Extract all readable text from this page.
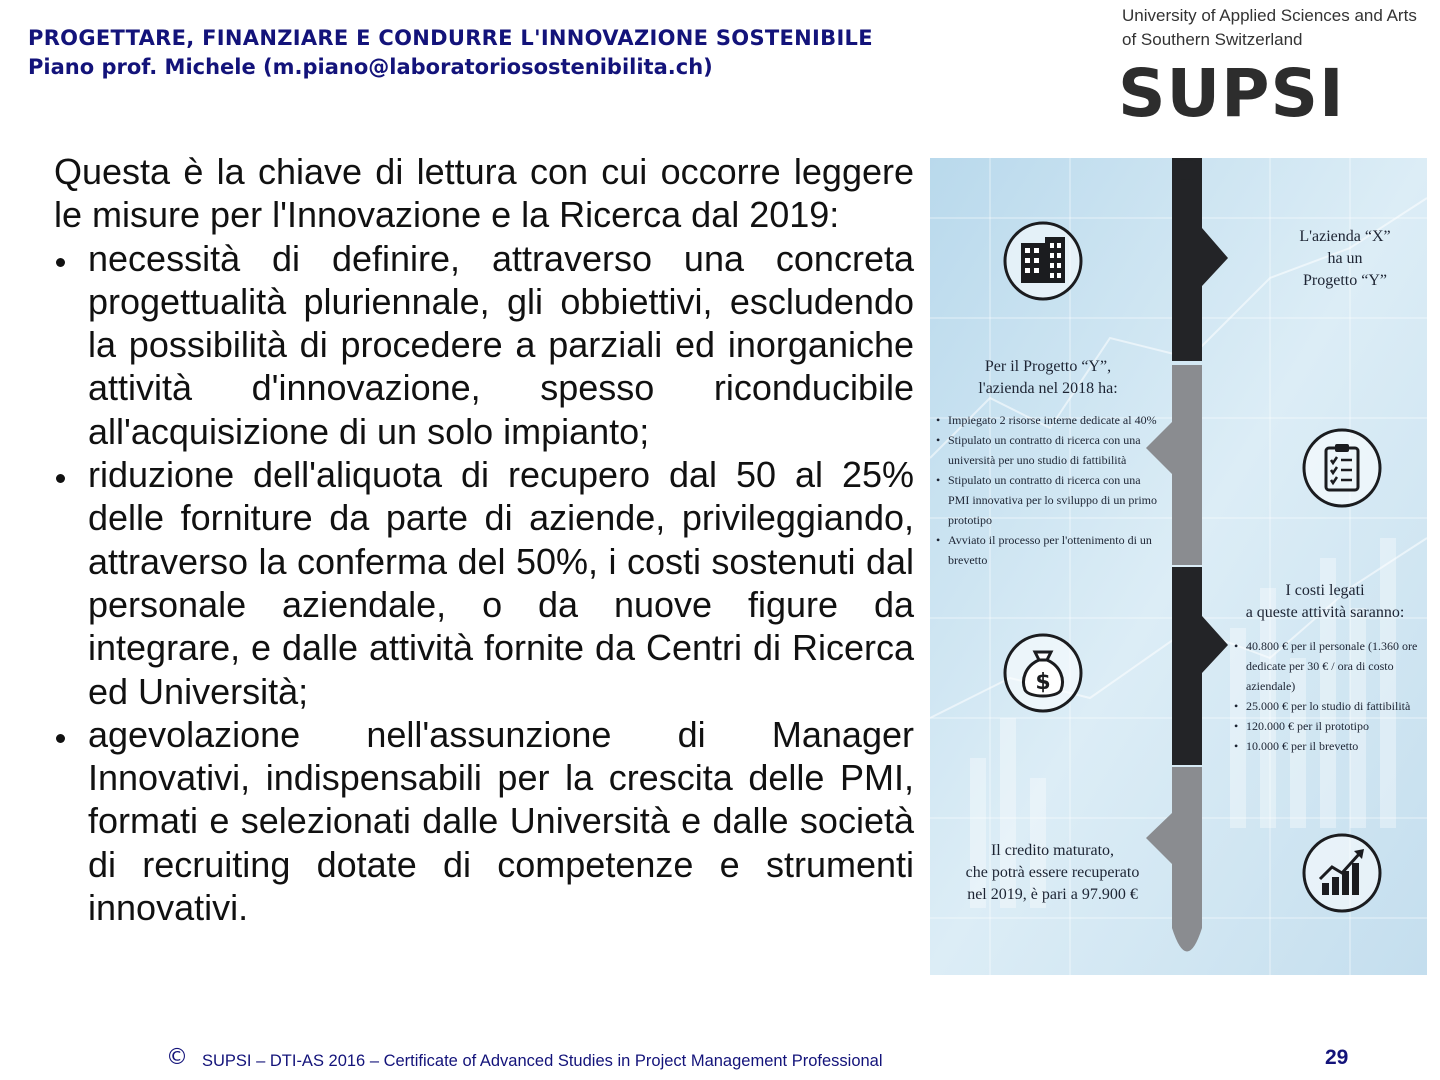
PROGETTARE, FINANZIARE E CONDURRE L'INNOVAZIONE SOSTENIBILE
Piano prof. Michele (m.piano@laboratoriosostenibilita.ch)
University of Applied Sciences and Arts
of Southern Switzerland
SUPSI

Questa è la chiave di lettura con cui occorre leggere le misure per l'Innovazione e la Ricerca dal 2019:

necessità di definire, attraverso una concreta progettualità pluriennale, gli obbiettivi, escludendo la possibilità di procedere a parziali ed inorganiche attività d'innovazione, spesso riconducibile all'acquisizione di un solo impianto;
riduzione dell'aliquota di recupero dal 50 al 25% delle forniture da parte di aziende, privileggiando, attraverso la conferma del 50%, i costi sostenuti dal personale aziendale, o da nuove figure da integrare, e dalle attività fornite da Centri di Ricerca ed Università;
agevolazione nell'assunzione di Manager Innovativi, indispensabili per la crescita delle PMI, formati e selezionati dalle Università e dalle società di recruiting dotate di competenze e strumenti innovativi.
$
L'azienda “X”
ha un
Progetto “Y”
Per il Progetto “Y”,
l'azienda nel 2018 ha:
• Impiegato 2 risorse interne dedicate al 40%
• Stipulato un contratto di ricerca con una università per uno studio di fattibilità
• Stipulato un contratto di ricerca con una PMI innovativa per lo sviluppo di un primo prototipo
• Avviato il processo per l'ottenimento di un brevetto
I costi legati
a queste attività saranno:
• 40.800 € per il personale (1.360 ore dedicate per 30 € / ora di costo aziendale)
• 25.000 € per lo studio di fattibilità
• 120.000 € per il prototipo
• 10.000 € per il brevetto
Il credito maturato,
che potrà essere recuperato
nel 2019, è pari a 97.900 €
© SUPSI – DTI-AS 2016 – Certificate of Advanced Studies in Project Management Professional	29
